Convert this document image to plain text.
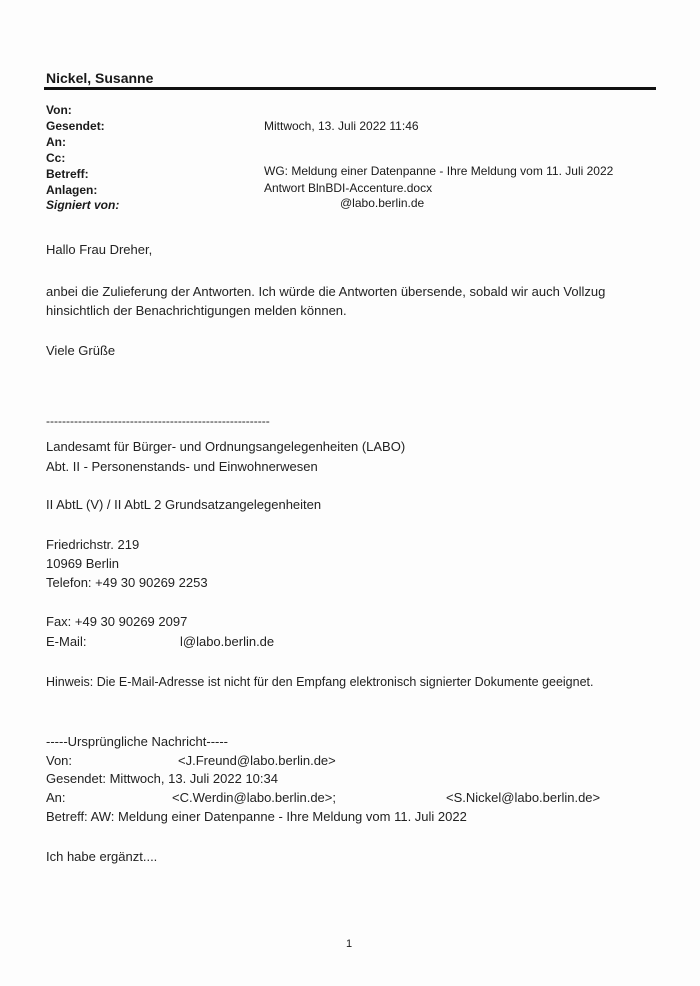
Nickel, Susanne
Von:
Gesendet:	Mittwoch, 13. Juli 2022 11:46
An:
Cc:
Betreff:	WG: Meldung einer Datenpanne - Ihre Meldung vom 11. Juli 2022
Anlagen:	Antwort BlnBDI-Accenture.docx
Signiert von:	@labo.berlin.de
Hallo Frau Dreher,
anbei die Zulieferung der Antworten. Ich würde die Antworten übersende, sobald wir auch Vollzug
hinsichtlich der Benachrichtigungen melden können.
Viele Grüße
--------------------------------------------------------
Landesamt für Bürger- und Ordnungsangelegenheiten (LABO)
Abt. II - Personenstands- und Einwohnerwesen
II AbtL (V) / II AbtL 2 Grundsatzangelegenheiten
Friedrichstr. 219
10969 Berlin
Telefon: +49 30 90269 2253
Fax: +49 30 90269 2097
E-Mail:	l@labo.berlin.de
Hinweis: Die E-Mail-Adresse ist nicht für den Empfang elektronisch signierter Dokumente geeignet.
-----Ursprüngliche Nachricht-----
Von:	<J.Freund@labo.berlin.de>
Gesendet: Mittwoch, 13. Juli 2022 10:34
An:	<C.Werdin@labo.berlin.de>;	<S.Nickel@labo.berlin.de>
Betreff: AW: Meldung einer Datenpanne - Ihre Meldung vom 11. Juli 2022
Ich habe ergänzt....
1
